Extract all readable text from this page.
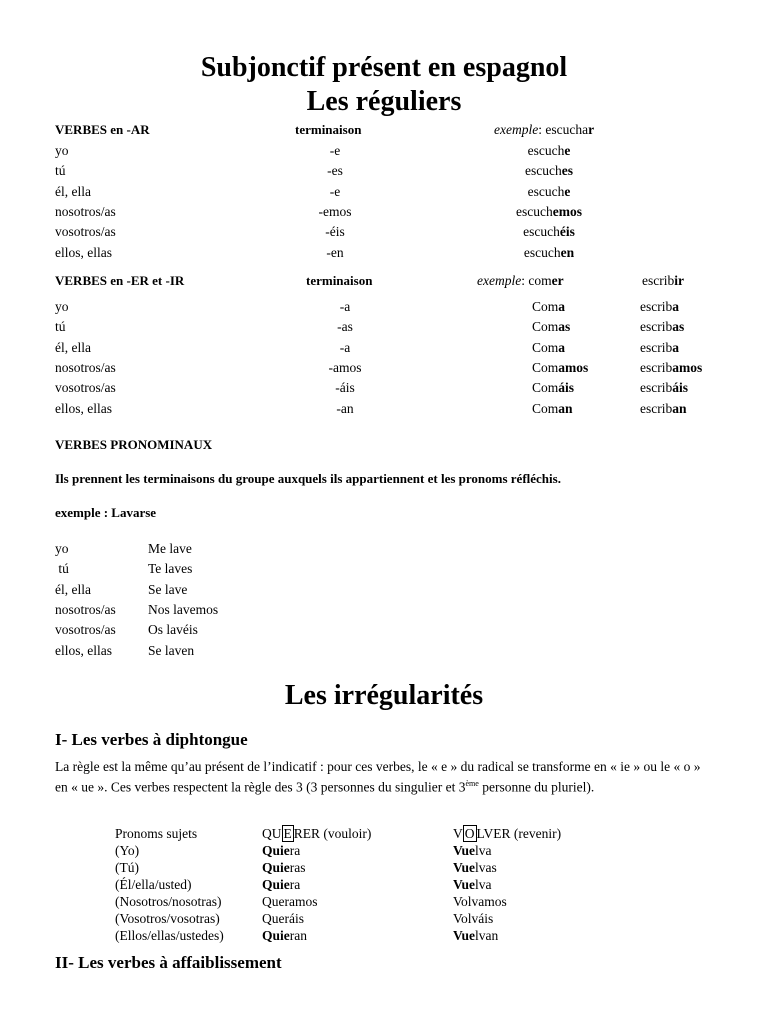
Subjonctif présent en espagnol
Les réguliers
VERBES en -AR	terminaison	exemple: escuchar
yo	-e	escuche
tú	-es	escuches
él, ella	-e	escuche
nosotros/as	-emos	escuchemos
vosotros/as	-éis	escuchéis
ellos, ellas	-en	escuchen
VERBES en -ER et -IR	terminaison	exemple: comer	escribir
yo	-a	Coma	escriba
tú	-as	Comas	escribas
él, ella	-a	Coma	escriba
nosotros/as	-amos	Comamos	escribamos
vosotros/as	-áis	Comáis	escribáis
ellos, ellas	-an	Coman	escriban
VERBES PRONOMINAUX
Ils prennent les terminaisons du groupe auxquels ils appartiennent et les pronoms réfléchis.
exemple : Lavarse
yo	Me lave
tú	Te laves
él, ella	Se lave
nosotros/as Nos lavemos
vosotros/as Os lavéis
ellos, ellas	Se laven
Les irrégularités
I- Les verbes à diphtongue
La règle est la même qu’au présent de l’indicatif : pour ces verbes, le « e » du radical se transforme en « ie » ou le « o » en « ue ». Ces verbes respectent la règle des 3 (3 personnes du singulier et 3ème personne du pluriel).
Pronoms sujets	QU E RER (vouloir)	V O LVER (revenir)
(Yo)	Quiera	Vuelva
(Tú)	Quieras	Vuelvas
(Él/ella/usted)	Quiera	Vuelva
(Nosotros/nosotras)	Queramos	Volvamos
(Vosotros/vosotras)	Queráis	Volváis
(Ellos/ellas/ustedes)	Quieran	Vuelvan
II- Les verbes à affaiblissement
